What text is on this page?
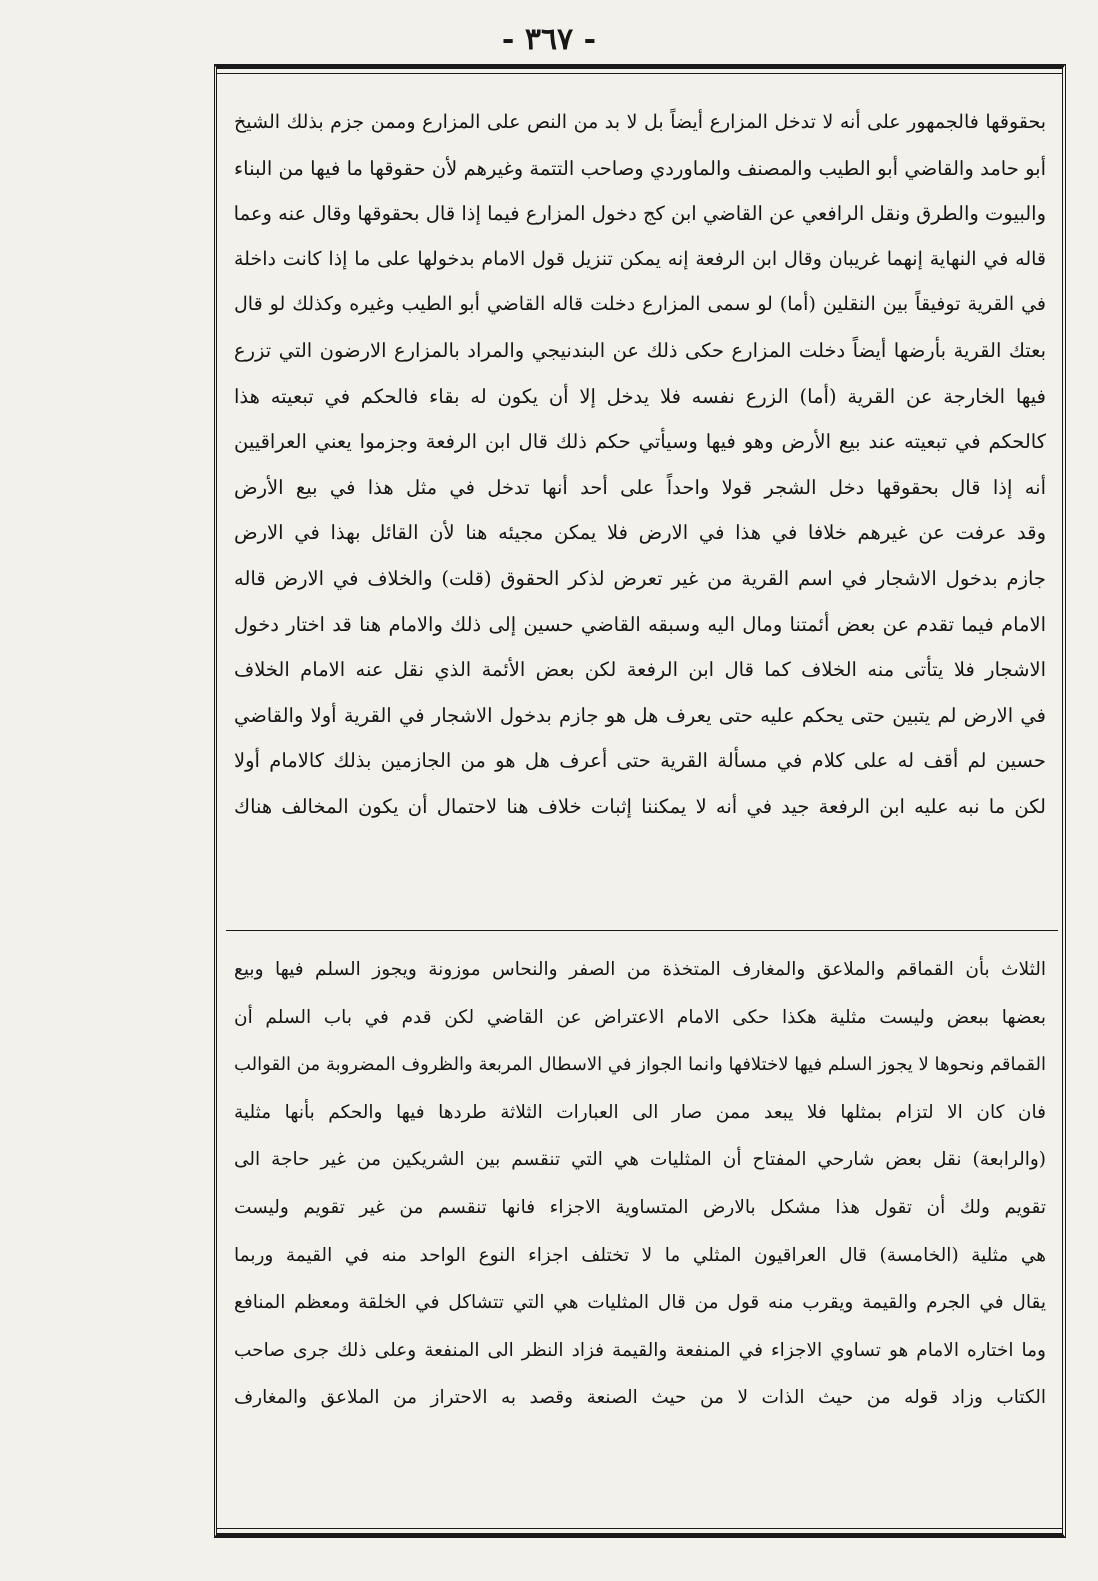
- ٣٦٧ -
بحقوقها فالجمهور على أنه لا تدخل المزارع أيضاً بل لا بد من النص على المزارع وممن جزم بذلك الشيخ
أبو حامد والقاضي أبو الطيب والمصنف والماوردي وصاحب التتمة وغيرهم لأن حقوقها ما فيها من البناء
والبيوت والطرق ونقل الرافعي عن القاضي ابن كج دخول المزارع فيما إذا قال بحقوقها وقال عنه وعما
قاله في النهاية إنهما غريبان وقال ابن الرفعة إنه يمكن تنزيل قول الامام بدخولها على ما إذا كانت داخلة
في القرية توفيقاً بين النقلين (أما) لو سمى المزارع دخلت قاله القاضي أبو الطيب وغيره وكذلك لو قال
بعتك القرية بأرضها أيضاً دخلت المزارع حكى ذلك عن البندنيجي والمراد بالمزارع الارضون التي تزرع
فيها الخارجة عن القرية (أما) الزرع نفسه فلا يدخل إلا أن يكون له بقاء فالحكم في تبعيته هذا
كالحكم في تبعيته عند بيع الأرض وهو فيها وسيأتي حكم ذلك قال ابن الرفعة وجزموا يعني العراقيين
أنه إذا قال بحقوقها دخل الشجر قولا واحداً على أحد أنها تدخل في مثل هذا في بيع الأرض
وقد عرفت عن غيرهم خلافا في هذا في الارض فلا يمكن مجيئه هنا لأن القائل بهذا في الارض
جازم بدخول الاشجار في اسم القرية من غير تعرض لذكر الحقوق (قلت) والخلاف في الارض قاله
الامام فيما تقدم عن بعض أئمتنا ومال اليه وسبقه القاضي حسين إلى ذلك والامام هنا قد اختار دخول
الاشجار فلا يتأتى منه الخلاف كما قال ابن الرفعة لكن بعض الأئمة الذي نقل عنه الامام الخلاف
في الارض لم يتبين حتى يحكم عليه حتى يعرف هل هو جازم بدخول الاشجار في القرية أولا والقاضي
حسين لم أقف له على كلام في مسألة القرية حتى أعرف هل هو من الجازمين بذلك كالامام أولا
لكن ما نبه عليه ابن الرفعة جيد في أنه لا يمكننا إثبات خلاف هنا لاحتمال أن يكون المخالف هناك
الثلاث بأن القماقم والملاعق والمغارف المتخذة من الصفر والنحاس موزونة ويجوز السلم فيها وبيع
بعضها ببعض وليست مثلية هكذا حكى الامام الاعتراض عن القاضي لكن قدم في باب السلم أن
القماقم ونحوها لا يجوز السلم فيها لاختلافها وانما الجواز في الاسطال المربعة والظروف المضروبة من القوالب
فان كان الا لتزام بمثلها فلا يبعد ممن صار الى العبارات الثلاثة طردها فيها والحكم بأنها مثلية
(والرابعة) نقل بعض شارحي المفتاح أن المثليات هي التي تنقسم بين الشريكين من غير حاجة الى
تقويم ولك أن تقول هذا مشكل بالارض المتساوية الاجزاء فانها تنقسم من غير تقويم وليست
هي مثلية (الخامسة) قال العراقيون المثلي ما لا تختلف اجزاء النوع الواحد منه في القيمة وربما
يقال في الجرم والقيمة ويقرب منه قول من قال المثليات هي التي تتشاكل في الخلقة ومعظم المنافع
وما اختاره الامام هو تساوي الاجزاء في المنفعة والقيمة فزاد النظر الى المنفعة وعلى ذلك جرى صاحب
الكتاب وزاد قوله من حيث الذات لا من حيث الصنعة وقصد به الاحتراز من الملاعق والمغارف
